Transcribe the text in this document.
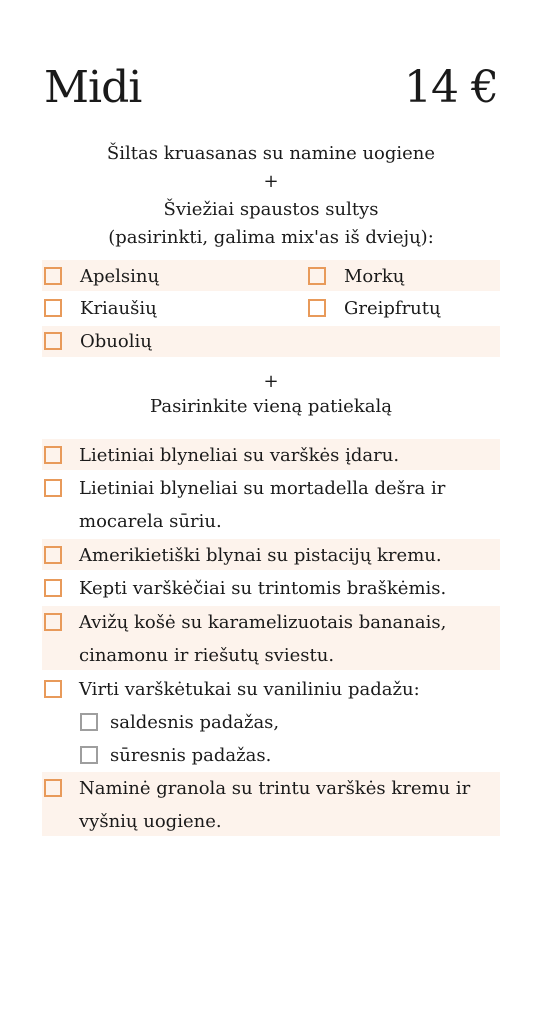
Midi	14 €
Šiltas kruasanas su namine uogiene
+
Šviežiai spaustos sultys
(pasirinkti, galima mix'as iš dviejų):
Apelsinų	Morkų
Kriaušių	Greipfrutų
Obuolių
+
Pasirinkite vieną patiekalą
Lietiniai blyneliai su varškės įdaru.
Lietiniai blyneliai su mortadella dešra ir mocarela sūriu.
Amerikietiški blynai su pistacijų kremu.
Kepti varškėčiai su trintomis braškėmis.
Avižų košė su karamelizuotais bananais, cinamonu ir riešutų sviestu.
Virti varškėtukai su vaniliniu padažu:
saldesnis padažas,
sūresnis padažas.
Naminė granola su trintu varškės kremu ir vyšnių uogiene.
